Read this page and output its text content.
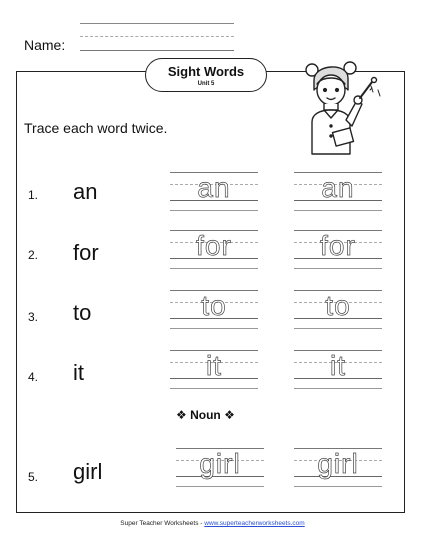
Name:
Sight Words
Unit 5
Trace each word twice.
1. an	an	an
2. for	for	for
3. to	to	to
4. it	it	it
❖ Noun ❖
5. girl	girl	girl
Super Teacher Worksheets - www.superteacherworksheets.com
